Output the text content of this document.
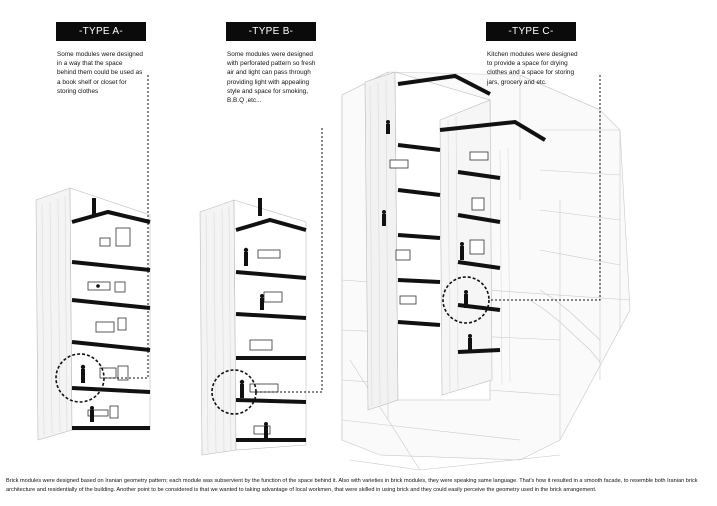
-TYPE A-	-TYPE B-	-TYPE C-
Some modules were designed in a way that the space behind them could be used as a book shelf or closet for storing clothes
Some modules were designed with perforated pattern so fresh air and light can pass through providing light with appealing style and space for smoking, B.B.Q ,etc...
Kitchen modules were designed to provide a space for drying clothes and a space for storing jars, grocery and etc.
Brick modules were designed based on Iranian geometry pattern; each module was subservient by the function of the space behind it. Also with varieties in brick modules, they were speaking same language. That's how it resulted in a smooth facade, to resemble both Iranian brick architecture and residentially of the building. Another point to be considered is that we wanted to taking advantage of local workmen, that were skilled in using brick and they could easily perceive the geometry used in the brick arrangement.
